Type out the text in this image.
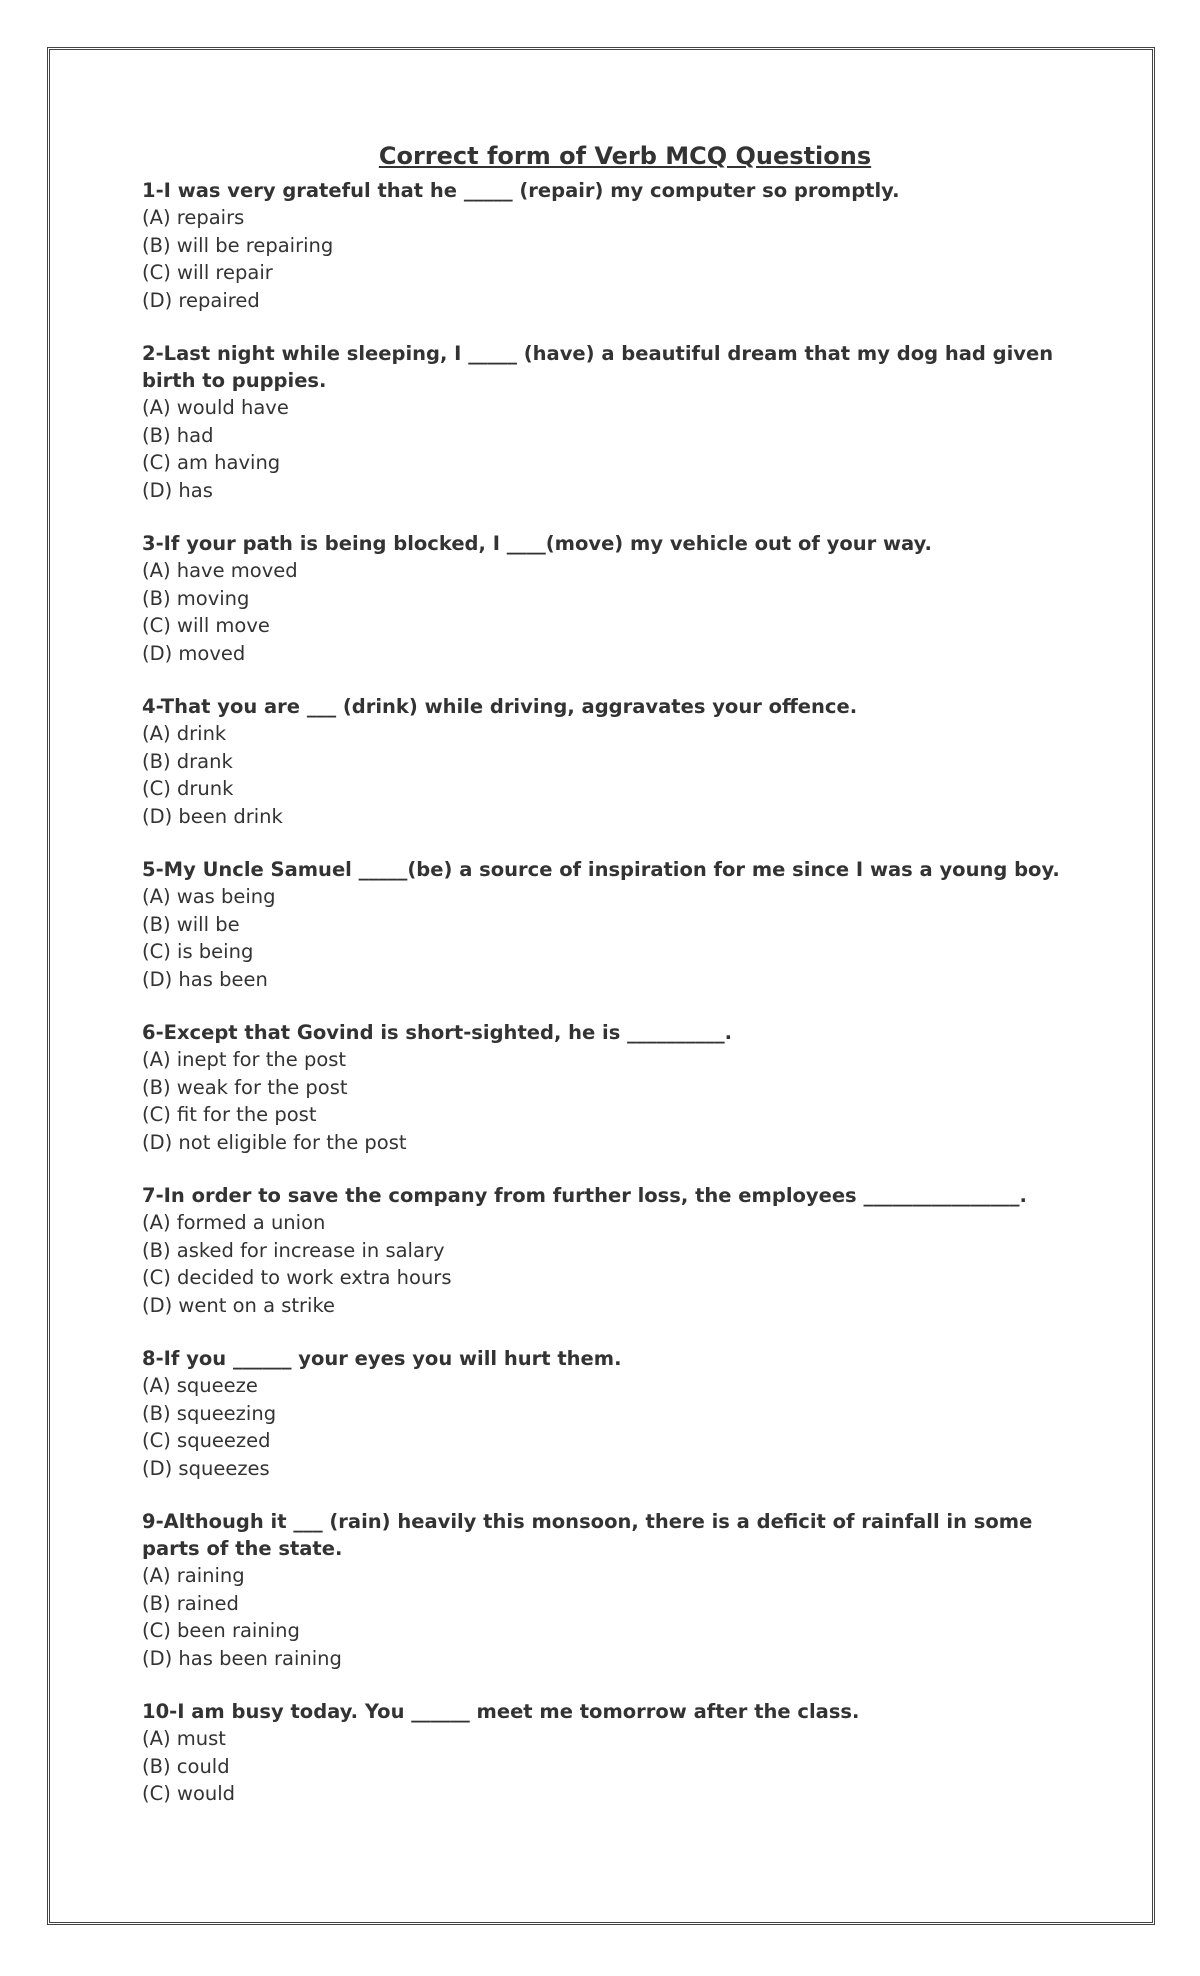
Correct form of Verb MCQ Questions

1-I was very grateful that he _____ (repair) my computer so promptly.

(A) repairs

(B) will be repairing

(C) will repair

(D) repaired

2-Last night while sleeping, I _____ (have) a beautiful dream that my dog had given birth to puppies.

(A) would have

(B) had

(C) am having

(D) has

3-If your path is being blocked, I ____(move) my vehicle out of your way.

(A) have moved

(B) moving

(C) will move

(D) moved

4-That you are ___ (drink) while driving, aggravates your offence.

(A) drink

(B) drank

(C) drunk

(D) been drink

5-My Uncle Samuel _____(be) a source of inspiration for me since I was a young boy.

(A) was being

(B) will be

(C) is being

(D) has been

6-Except that Govind is short-sighted, he is __________.

(A) inept for the post

(B) weak for the post

(C) fit for the post

(D) not eligible for the post

7-In order to save the company from further loss, the employees ________________.

(A) formed a union

(B) asked for increase in salary

(C) decided to work extra hours

(D) went on a strike

8-If you ______ your eyes you will hurt them.

(A) squeeze

(B) squeezing

(C) squeezed

(D) squeezes

9-Although it ___ (rain) heavily this monsoon, there is a deficit of rainfall in some parts of the state.

(A) raining

(B) rained

(C) been raining

(D) has been raining

10-I am busy today. You ______ meet me tomorrow after the class.

(A) must

(B) could

(C) would
